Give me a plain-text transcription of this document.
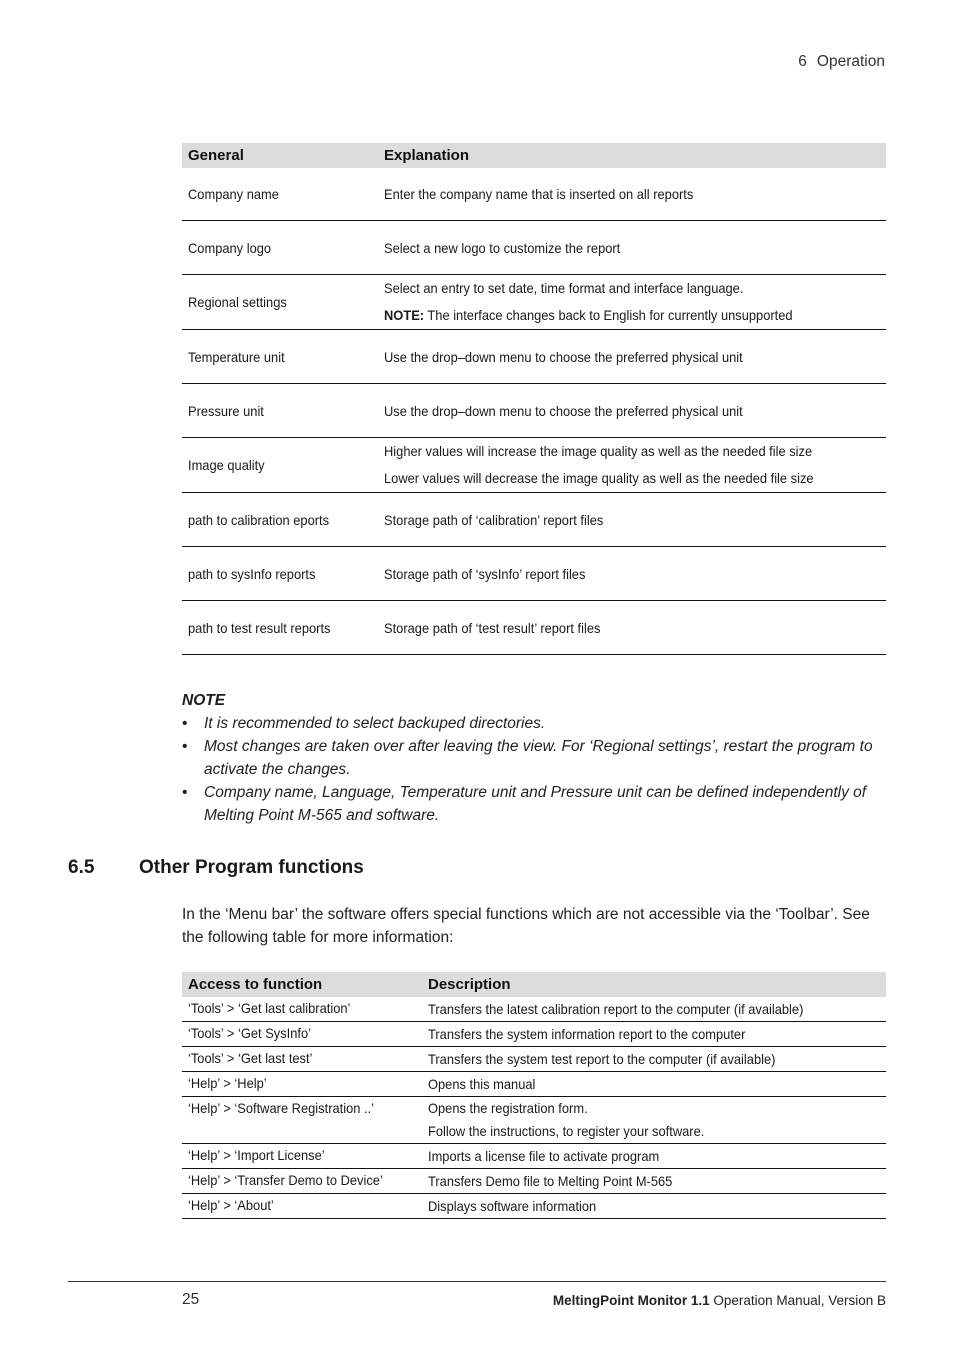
6 Operation
General	Explanation
Company name	Enter the company name that is inserted on all reports

Company logo	Select a new logo to customize the report

Regional settings	Select an entry to set date, time format and interface language.
NOTE: The interface changes back to English for currently unsupported

Temperature unit	Use the drop–down menu to choose the preferred physical unit

Pressure unit	Use the drop–down menu to choose the preferred physical unit

Image quality	Higher values will increase the image quality as well as the needed file size
Lower values will decrease the image quality as well as the needed file size

path to calibration eports	Storage path of ‘calibration’ report files

path to sysInfo reports	Storage path of ‘sysInfo’ report files

path to test result reports	Storage path of ‘test result’ report files
NOTE
• It is recommended to select backuped directories.
• Most changes are taken over after leaving the view. For ‘Regional settings’, restart the program to activate the changes.
• Company name, Language, Temperature unit and Pressure unit can be defined independently of Melting Point M-565 and software.
6.5 Other Program functions
In the ‘Menu bar’ the software offers special functions which are not accessible via the ‘Toolbar’. See the following table for more information:
Access to function	Description
‘Tools’ > ‘Get last calibration’	Transfers the latest calibration report to the computer (if available)

‘Tools’ > ‘Get SysInfo’	Transfers the system information report to the computer

‘Tools’ > ‘Get last test’	Transfers the system test report to the computer (if available)

‘Help’ > ‘Help’	Opens this manual

‘Help’ > ‘Software Registration ..’	Opens the registration form.
Follow the instructions, to register your software.

‘Help’ > ‘Import License’	Imports a license file to activate program

‘Help’ > ‘Transfer Demo to Device’	Transfers Demo file to Melting Point M-565

‘Help’ > ‘About’	Displays software information
25	MeltingPoint Monitor 1.1 Operation Manual, Version B
